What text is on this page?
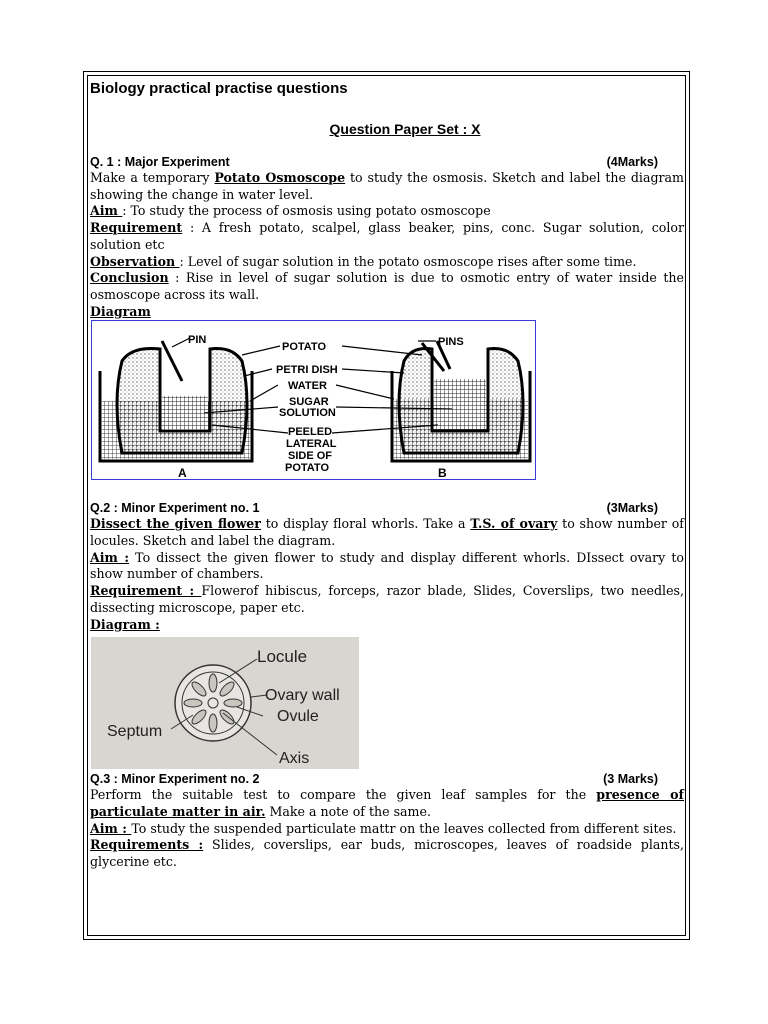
Biology practical practise questions
Question Paper Set : X
Q. 1 : Major Experiment	(4Marks)

Make a temporary Potato Osmoscope to study the osmosis. Sketch and label the diagram showing the change in water level.

Aim : To study the process of osmosis using potato osmoscope

Requirement : A fresh potato, scalpel, glass beaker, pins, conc. Sugar solution, color solution etc

Observation : Level of sugar solution in the potato osmoscope rises after some time.

Conclusion : Rise in level of sugar solution is due to osmotic entry of water inside the osmoscope across its wall.

Diagram
PIN	PINS
POTATO
PETRI DISH
WATER
SUGAR
SOLUTION
PEELED
LATERAL
SIDE OF
POTATO
A	B
Q.2 : Minor Experiment no. 1	(3Marks)

Dissect the given flower to display floral whorls. Take a T.S. of ovary to show number of locules. Sketch and label the diagram.

Aim : To dissect the given flower to study and display different whorls. DIssect ovary to show number of chambers.

Requirement : Flowerof hibiscus, forceps, razor blade, Slides, Coverslips, two needles, dissecting microscope, paper etc.

Diagram :
Locule
Ovary wall
Ovule
Septum
Axis
Q.3 : Minor Experiment no. 2	(3 Marks)

Perform the suitable test to compare the given leaf samples for the presence of particulate matter in air. Make a note of the same.

Aim : To study the suspended particulate mattr on the leaves collected from different sites.

Requirements : Slides, coverslips, ear buds, microscopes, leaves of roadside plants, glycerine etc.
